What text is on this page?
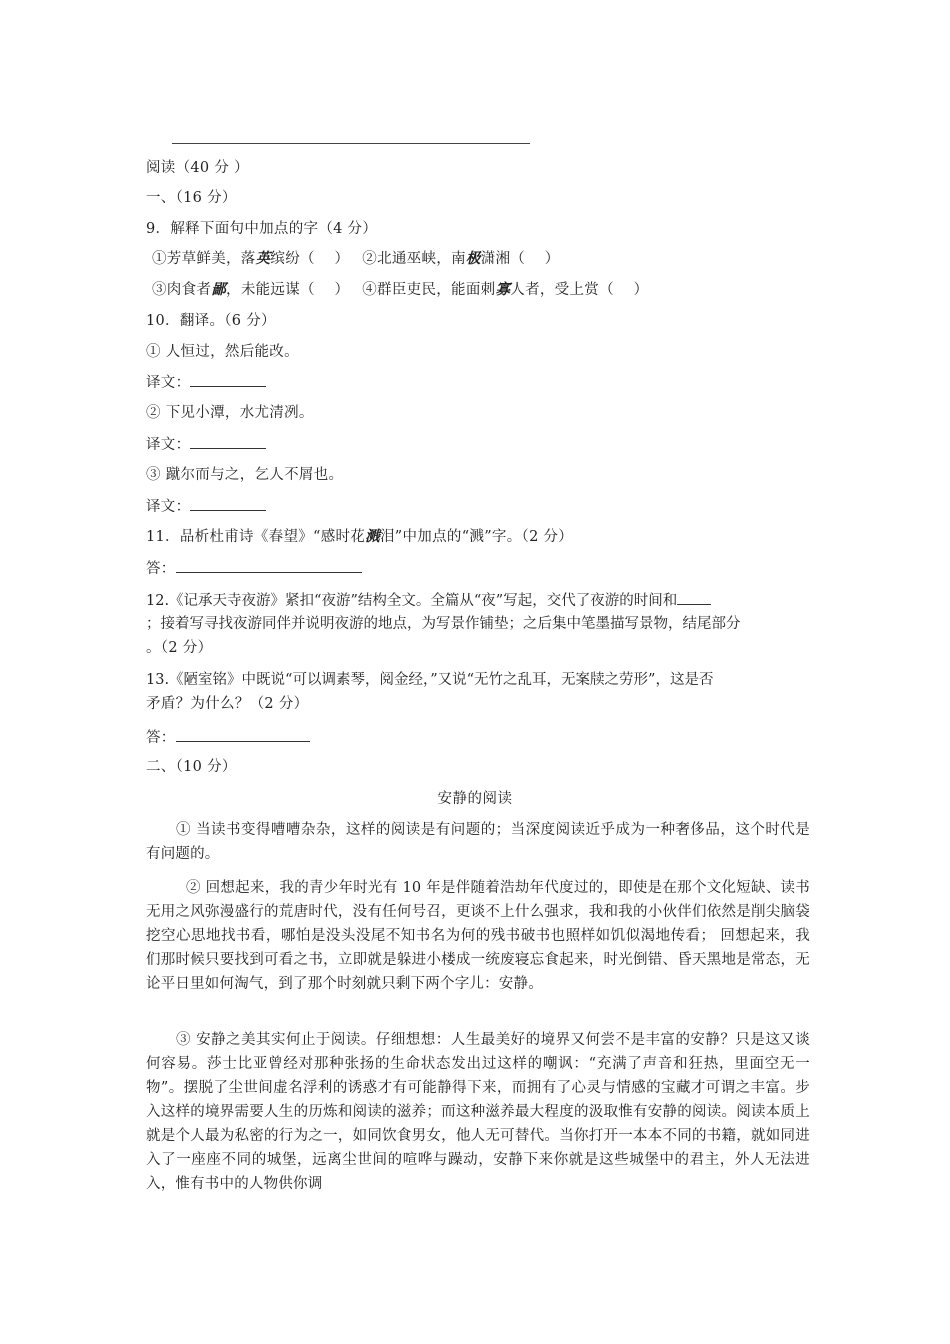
阅读（40 分 ）
一、（16 分）
9．解释下面句中加点的字（4 分）
①芳草鲜美，落英缤纷（　 ） ②北通巫峡，南极潇湘（　 ）
③肉食者鄙，未能远谋（　 ） ④群臣吏民，能面刺寡人者，受上赏（　 ）
10．翻译。（6 分）
① 人恒过，然后能改。
译文：
② 下见小潭，水尤清冽。
译文：
③ 蹴尔而与之，乞人不屑也。
译文：
11．品析杜甫诗《春望》“感时花溅泪”中加点的“溅”字。（2 分）
答：
12.《记承天寺夜游》紧扣“夜游”结构全文。全篇从“夜”写起，交代了夜游的时间和
；接着写寻找夜游同伴并说明夜游的地点，为写景作铺垫；之后集中笔墨描写景物，结尾部分
。（2 分）
13.《陋室铭》中既说“可以调素琴，阅金经，”又说“无竹之乱耳，无案牍之劳形”，这是否
矛盾？为什么？（2 分）
答：
二、（10 分）
安静的阅读
① 当读书变得嘈嘈杂杂，这样的阅读是有问题的；当深度阅读近乎成为一种奢侈品，这个时代是有问题的。
② 回想起来，我的青少年时光有 10 年是伴随着浩劫年代度过的，即使是在那个文化短缺、读书无用之风弥漫盛行的荒唐时代，没有任何号召，更谈不上什么强求，我和我的小伙伴们依然是削尖脑袋挖空心思地找书看，哪怕是没头没尾不知书名为何的残书破书也照样如饥似渴地传看； 回想起来，我们那时候只要找到可看之书，立即就是躲进小楼成一统废寝忘食起来，时光倒错、昏天黑地是常态，无论平日里如何淘气，到了那个时刻就只剩下两个字儿：安静。
③ 安静之美其实何止于阅读。仔细想想：人生最美好的境界又何尝不是丰富的安静？只是这又谈何容易。莎士比亚曾经对那种张扬的生命状态发出过这样的嘲讽：“充满了声音和狂热，里面空无一物”。摆脱了尘世间虚名浮利的诱惑才有可能静得下来，而拥有了心灵与情感的宝藏才可谓之丰富。步入这样的境界需要人生的历炼和阅读的滋养；而这种滋养最大程度的汲取惟有安静的阅读。阅读本质上就是个人最为私密的行为之一，如同饮食男女，他人无可替代。当你打开一本本不同的书籍，就如同进入了一座座不同的城堡，远离尘世间的喧哗与躁动，安静下来你就是这些城堡中的君主，外人无法进入，惟有书中的人物供你调
